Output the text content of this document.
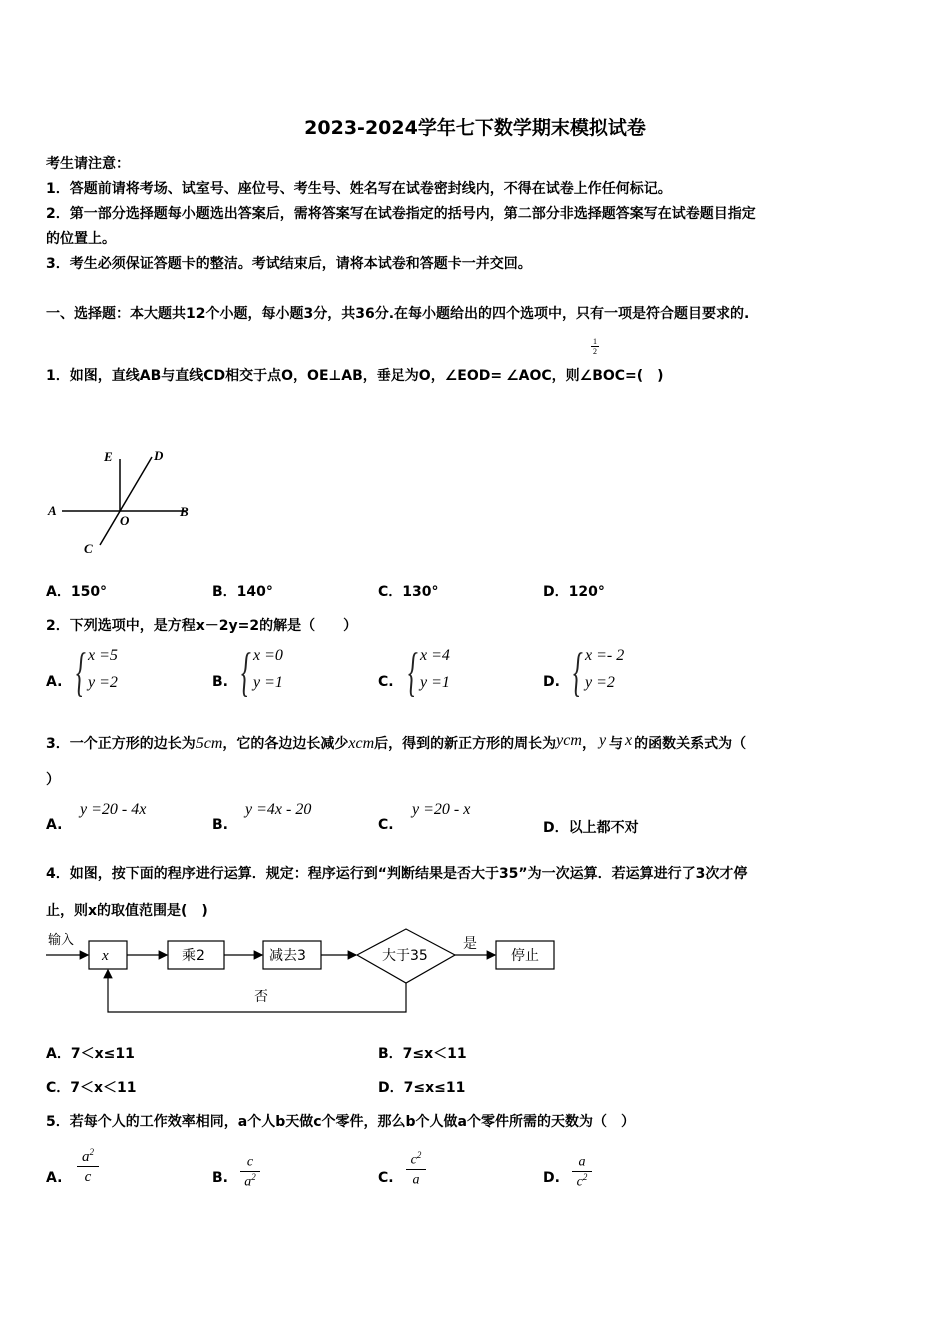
2023-2024学年七下数学期末模拟试卷
考生请注意：
1．答题前请将考场、试室号、座位号、考生号、姓名写在试卷密封线内，不得在试卷上作任何标记。
2．第一部分选择题每小题选出答案后，需将答案写在试卷指定的括号内，第二部分非选择题答案写在试卷题目指定
的位置上。
3．考生必须保证答题卡的整洁。考试结束后，请将本试卷和答题卡一并交回。
一、选择题：本大题共12个小题，每小题3分，共36分.在每小题给出的四个选项中，只有一项是符合题目要求的.
1．如图，直线AB与直线CD相交于点O，OE⊥AB，垂足为O，∠EOD= ∠AOC，则∠BOC=(　)
$\frac{1}{2}$
A	B
C
D
E
O
A．150°	B．140°	C．130°	D．120°
2．下列选项中，是方程x－2y=2的解是（　　）
A. { x =5
y =2	B. { x =0
y =1	C. { x =4
y =1	D. { x =- 2
y =2
3．一个正方形的边长为5cm，它的各边边长减少xcm后，得到的新正方形的周长为ycm， y 与 x 的函数关系式为（
）
A.
y =20 - 4x
B.
y =4x - 20
C.
y =20 - x
D．以上都不对
4．如图，按下面的程序进行运算．规定：程序运行到“判断结果是否大于35”为一次运算．若运算进行了3次才停
止，则x的取值范围是(　)
输入
x	乘2	减去3	大于35
是
停止
否
A．7＜x≤11	B．7≤x＜11
C．7＜x＜11	D．7≤x≤11
5．若每个人的工作效率相同，a个人b天做c个零件，那么b个人做a个零件所需的天数为（　）
A. $\frac{a^2}{c}$	B. $\frac{c}{a^2}$	C. $\frac{c^2}{a}$	D. $\frac{a}{c^2}$
